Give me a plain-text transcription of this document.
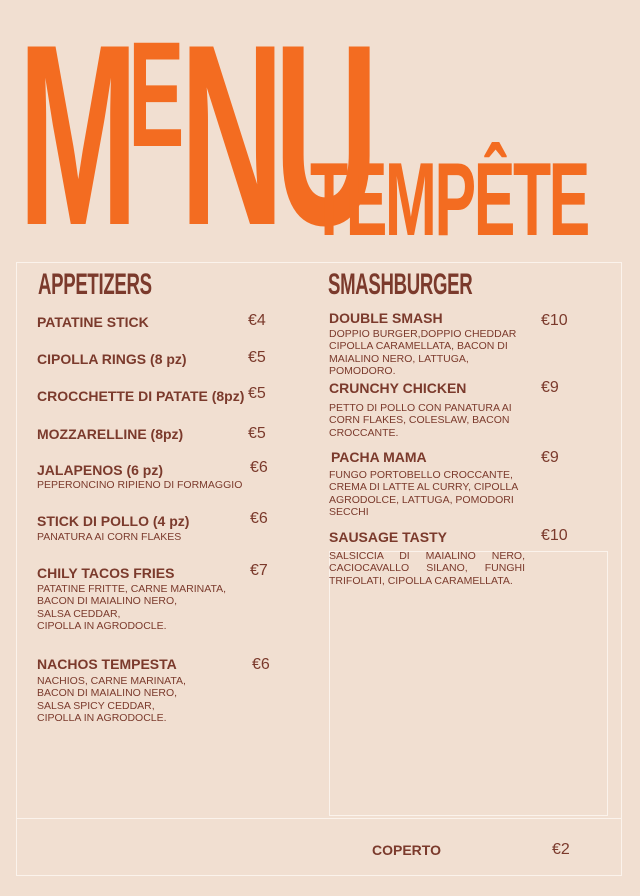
$M^ENU$
TEMPÊTE
APPETIZERS
PATATINE STICK	€4
CIPOLLA RINGS (8 pz)	€5
CROCCHETTE DI PATATE (8pz) €5
MOZZARELLINE (8pz)	€5
JALAPENOS (6 pz)	€6
PEPERONCINO RIPIENO DI FORMAGGIO
STICK DI POLLO (4 pz)	€6
PANATURA AI CORN FLAKES
CHILY TACOS FRIES	€7
PATATINE FRITTE, CARNE MARINATA,
BACON DI MAIALINO NERO,
SALSA CEDDAR,
CIPOLLA IN AGRODOCLE.
NACHOS TEMPESTA	€6
NACHIOS, CARNE MARINATA,
BACON DI MAIALINO NERO,
SALSA SPICY CEDDAR,
CIPOLLA IN AGRODOCLE.
SMASHBURGER
DOUBLE SMASH	€10
DOPPIO BURGER,DOPPIO CHEDDAR
CIPOLLA CARAMELLATA, BACON DI
MAIALINO NERO, LATTUGA,
POMODORO.
CRUNCHY CHICKEN	€9
PETTO DI POLLO CON PANATURA AI
CORN FLAKES, COLESLAW, BACON
CROCCANTE.
PACHA MAMA	€9
FUNGO PORTOBELLO CROCCANTE,
CREMA DI LATTE AL CURRY, CIPOLLA
AGRODOLCE, LATTUGA, POMODORI
SECCHI
SAUSAGE TASTY	€10
SALSICCIA DI MAIALINO NERO, CACIOCAVALLO SILANO, FUNGHI TRIFOLATI, CIPOLLA CARAMELLATA.
COPERTO	€2
